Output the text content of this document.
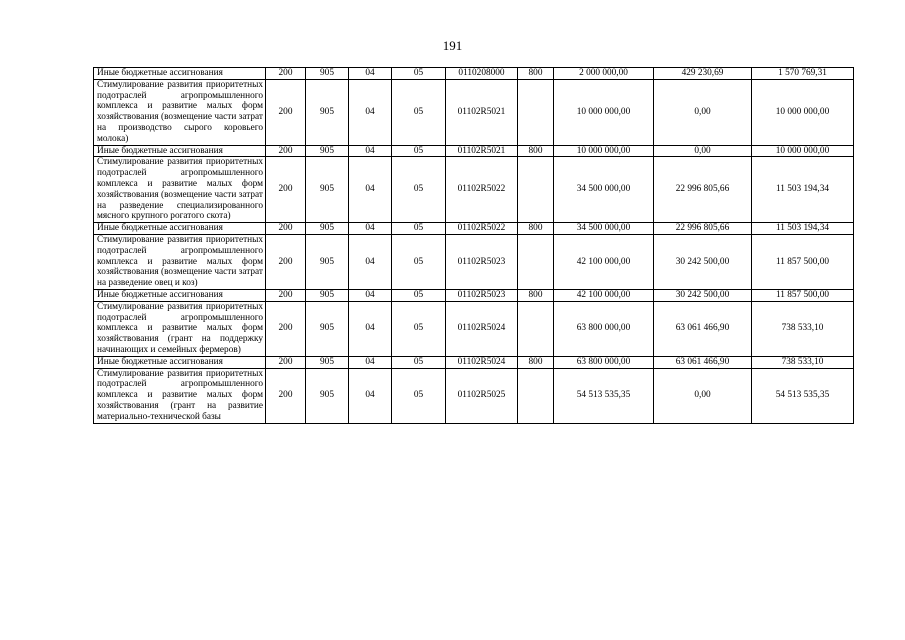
191
Иные бюджетные ассигнования	200	905	04	05	0110208000	800	2 000 000,00	429 230,69	1 570 769,31
Стимулирование развития приоритетных подотраслей агропромышленного комплекса и развитие малых форм хозяйствования (возмещение части затрат на производство сырого коровьего молока)	200	905	04	05	01102R5021		10 000 000,00	0,00	10 000 000,00
Иные бюджетные ассигнования	200	905	04	05	01102R5021	800	10 000 000,00	0,00	10 000 000,00
Стимулирование развития приоритетных подотраслей агропромышленного комплекса и развитие малых форм хозяйствования (возмещение части затрат на разведение специализированного мясного крупного рогатого скота)	200	905	04	05	01102R5022		34 500 000,00	22 996 805,66	11 503 194,34
Иные бюджетные ассигнования	200	905	04	05	01102R5022	800	34 500 000,00	22 996 805,66	11 503 194,34
Стимулирование развития приоритетных подотраслей агропромышленного комплекса и развитие малых форм хозяйствования (возмещение части затрат на разведение овец и коз)	200	905	04	05	01102R5023		42 100 000,00	30 242 500,00	11 857 500,00
Иные бюджетные ассигнования	200	905	04	05	01102R5023	800	42 100 000,00	30 242 500,00	11 857 500,00
Стимулирование развития приоритетных подотраслей агропромышленного комплекса и развитие малых форм хозяйствования (грант на поддержку начинающих и семейных фермеров)	200	905	04	05	01102R5024		63 800 000,00	63 061 466,90	738 533,10
Иные бюджетные ассигнования	200	905	04	05	01102R5024	800	63 800 000,00	63 061 466,90	738 533,10
Стимулирование развития приоритетных подотраслей агропромышленного комплекса и развитие малых форм хозяйствования (грант на развитие материально-технической базы	200	905	04	05	01102R5025		54 513 535,35	0,00	54 513 535,35
